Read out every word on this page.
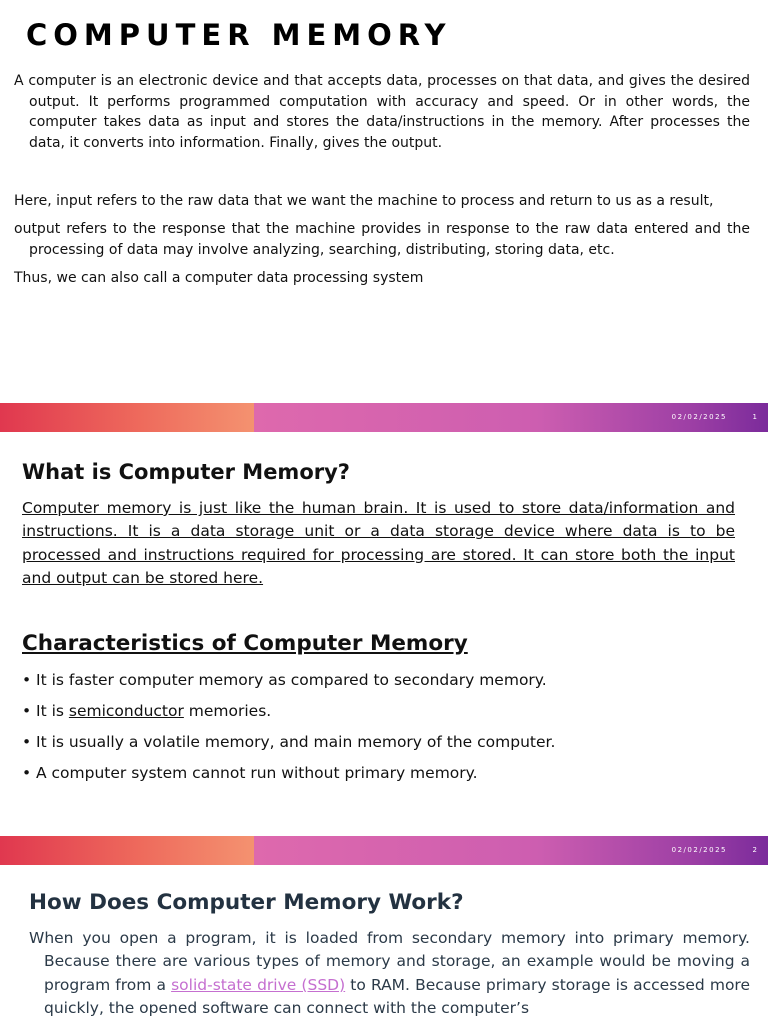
COMPUTER MEMORY

A computer is an electronic device and that accepts data, processes on that data, and gives the desired output. It performs programmed computation with accuracy and speed. Or in other words, the computer takes data as input and stores the data/instructions in the memory. After processes the data, it converts into information. Finally, gives the output.

Here, input refers to the raw data that we want the machine to process and return to us as a result,

output refers to the response that the machine provides in response to the raw data entered and the processing of data may involve analyzing, searching, distributing, storing data, etc.

Thus, we can also call a computer data processing system

02/02/2025	1
What is Computer Memory?

Computer memory is just like the human brain. It is used to store data/information and instructions. It is a data storage unit or a data storage device where data is to be processed and instructions required for processing are stored. It can store both the input and output can be stored here.

Characteristics of Computer Memory
• It is faster computer memory as compared to secondary memory.
• It is semiconductor memories.
• It is usually a volatile memory, and main memory of the computer.
• A computer system cannot run without primary memory.
02/02/2025	2
How Does Computer Memory Work?

When you open a program, it is loaded from secondary memory into primary memory. Because there are various types of memory and storage, an example would be moving a program from a solid-state drive (SSD) to RAM. Because primary storage is accessed more quickly, the opened software can connect with the computer’s
